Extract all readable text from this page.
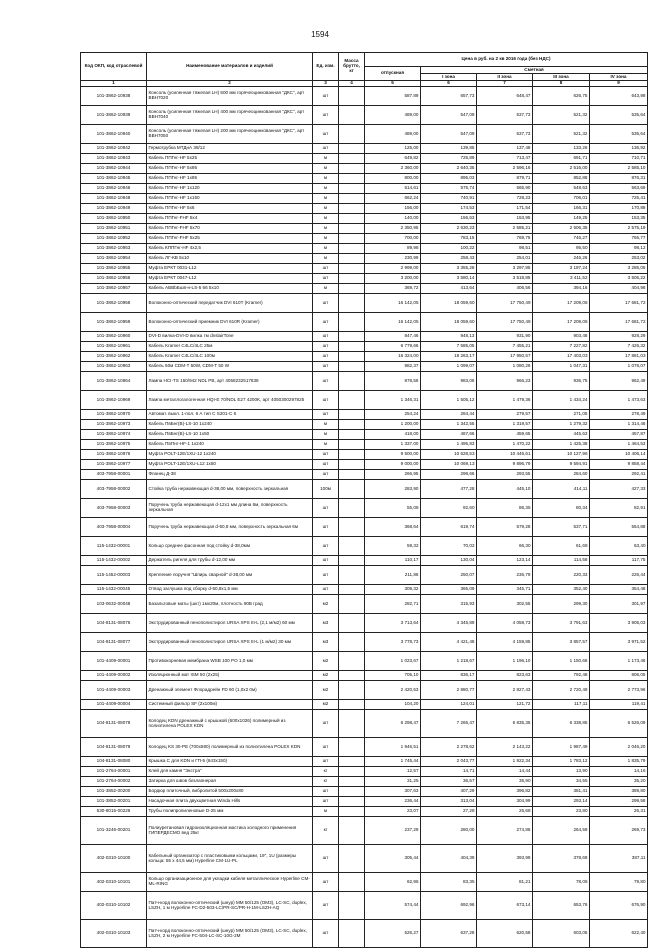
1594
Код ОКП, код отраслевой	Наименование материалов и изделий	Ед. изм.	Масса брутто, кг	Цена в руб. на 2 кв 2016 года (без НДС)				
				отпускная	Сметная			
					I зона	II зона	III зона	IV зона
1	2	3	4	5	6	7	8	9
101-3862-10938	Консоль (усиленная тяжелая LH) 500 мм горячеоцинкованная "ДКС", арт BBH7020	шт		587.89	657,73	648,47	626,75	643,98
101-3862-10939	Консоль (усиленная тяжелая LH) 400 мм горячеоцинкованная "ДКС", арт BBH7040	шт		489,00	547,09	537,73	521,32	535,64
101-3862-10940	Консоль (усиленная тяжелая LH) 200 мм горячеоцинкованная "ДКС", арт BBH7050	шт		489,00	547,09	537,73	521,32	535,64
101-3862-10942	Гермотрубка МТДнА 38/12	шт		125,00	139,85	137,48	133,26	136,92
101-3862-10943	Кабель ППГнг-HF 5х25	м		649,82	725,89	713,47	691,71	710,71
101-3862-10944	Кабель ППГнг-HF 5х95	м		2 360,00	2 640,35	2 596,16	2 516,00	2 585,10
101-3862-10945	Кабель ППГнг-HF 1х95	м		800,00	895,03	879,71	852,88	876,31
101-3862-10946	Кабель ППГнг-HF 1х120	м		514,61	575,74	565,90	548,63	563,69
101-3862-10948	Кабель ППГнг-HF 1х150	м		662,24	740,91	728,23	706,01	725,41
101-3862-10949	Кабель ППГнг-HF 5х6	м		156,00	174,53	171,54	166,31	170,88
101-3862-10950	Кабель ППГнг-FHF 5х4	м		140,00	156,63	153,95	149,25	153,35
101-3862-10951	Кабель ППГнг-FHF 5х70	м		2 350,95	2 630,23	2 585,21	2 506,35	2 575,19
101-3862-10952	Кабель ППГнг-FHF 5х25	м		700,00	783,15	769,75	746,27	766,77
101-3862-10953	Кабель КППГнг-HF 4х2,5	м		89,98	100,22	98,51	95,50	98,12
101-3862-10954	Кабель ЛГ-КВ 5х10	м		230,99	258,43	254,01	246,26	253,02
101-3862-10955	Муфта ЕРКТ 0031-L12	шт		2 999,00	3 355,28	3 297,85	3 197,24	3 285,05
101-3862-10956	Муфта ЕРКТ 0047-L12	шт		3 200,00	3 580,14	3 518,85	3 411,52	3 505,22
101-3862-10957	Кабель ABBbБшв-н-LS-5 66 5х10	м		369,72	413,64	406,56	394,16	404,98
101-3862-10958	Волоконно-оптический передатчик DVI 610T (Kramer)	шт		16 142,05	18 059,60	17 750,49	17 209,06	17 681,72
101-3862-10959	Волоконно-оптический приемник DVI 610R (Kramer)	шт		16 142,05	18 059,60	17 750,49	17 209,06	17 681,72
101-3862-10960	DVI-D вилка-DVI-D вилка тм dnslairTone	шт		847,46	948,13	931,90	903,48	928,29
101-3862-10961	Кабель Kramer C4LC/4LC 25м	шт		6 779,66	7 585,05	7 455,21	7 227,82	7 426,32
101-3862-10962	Кабель Kramer C4LC/4LC 100м	шт		16 324,00	18 263,17	17 950,57	17 403,03	17 881,03
101-3862-10963	Кабель 50м CDM-T 50W, CDM-T 50 W	шт		982,37	1 099,07	1 080,26	1 047,31	1 076,07
101-3862-10964	Лампа HCI-TS 150/942 NDL PB, арт 4058232517838	шт		878,56	983,06	966,23	936,75	962,49
101-3862-10969	Лампа металлогалогенная HQI-E 70/NDL E27 4200K, арт 4050300297825	шт		1 346,31	1 505,12	1 479,36	1 434,24	1 473,63
101-3862-10970	Автомат. выкл. 1-пол. 6 А тип C S201-C 6	шт		254,24	284,44	279,57	271,05	278,49
101-3862-10973	Кабель ПвБнг(В)-LS-10 1х240	м		1 200,00	1 342,55	1 319,57	1 279,32	1 314,46
101-3862-10974	Кабель ПвБнг(В)-LS-10 1х50	м		418,00	467,66	459,65	445,63	457,87
101-3862-10975	Кабель ПвПнг-HF-1 1х240	м		1 337,00	1 495,83	1 470,22	1 425,38	1 464,53
101-3862-10976	Муфта POLT-12E/1XU-12 1х240	шт		9 500,00	10 628,53	10 446,61	10 127,96	10 406,14
101-3862-10977	Муфта POLT-12E/1XU-L12 1х50	шт		9 000,00	10 069,13	9 896,79	9 594,91	9 858,44
403-7958-00001	Фланец Д-38	шт		266,95	298,66	293,55	284,60	292,41
403-7958-00002	Стойка труба нержавеющая d-38,00 мм, поверхность зеркальная	100м		283,90	477,28	445,10	414,11	427,33
403-7958-00003	Поручень труба нержавеющая d-12х1 мм длина 6м, поверхность зеркальная	шт		55,08	92,60	86,35	80,34	82,91
403-7958-00004	Поручень труба нержавеющая d-50,8 мм, поверхность зеркальная 6м	шт		368,64	619,74	579,28	537,71	554,88
115-1432-00001	Кольцо среднее фасонная под стойку d-38,0мм	шт		59,32	70,02	66,30	61,69	63,40
115-1432-00002	Держатель ригеля для трубы d-12,00 мм	шт		110,17	130,04	123,14	114,58	117,75
115-1452-00003	Крепление поручня "Шпирь сварной" d-38,00 мм	шт		211,86	250,07	236,79	220,33	226,44
115-1432-00045	Отвод заглушка под сборку d-50,8x1,5 мм	шт		309,32	365,09	345,71	352,40	354,48
103-0632-00048	Базальтовые маты (шкт) 1мх20м, плотность 90В град	м2		282,71	315,93	302,55	299,30	301,97
104-8131-08076	Экструдированный пенополистирол URSA XPS III-L (2,1 м/м2) 60 мм	м3		3 713,64	4 345,89	4 058,73	3 791,63	3 905,03
104-8131-08077	Экструдированный пенополистирол URSA XPS III-L (1 м/м2) 30 мм	м3		3 778,73	4 421,48	4 159,85	3 857,57	3 971,52
101-4409-00001	Противокорневая мембрана WSB 100 PO 1,0 мм	м2		1 023,67	1 218,67	1 196,10	1 150,66	1 173,46
101-4409-00002	Изоляционный мат ISM 50 (2x25)	м2		705,10	836,17	823,63	792,48	806,05
101-4409-00003	Дренажный элемент Флорадрейн FD 60 (1,0х2 0м)	м2		2 420,53	2 880,77	2 827,43	2 720,49	2 773,96
101-4409-00004	Системный фильтр SF (2х100м)	м2		104,20	124,01	121,72	117,11	119,41
104-8131-08078	Колодец KDN дренажный с крышкой (600х1026) полимерный из полиэтилена POLEX KDN	шт		6 298,47	7 265,47	6 835,35	6 338,85	6 526,09
104-8131-08079	Колодец KS 30-РЕ (700х580) полимерный из полиэтилена POLEX KDN	шт		1 946,51	2 278,62	2 143,22	1 987,49	2 046,20
104-8131-08080	Крышка С для KDN и ГП-5 (643х150)	шт		1 745,44	2 043,77	1 922,34	1 783,12	1 835,79
101-2764-00001	Клей для камня "Экстра"	кг		12,57	14,71	14,44	13,90	14,16
101-2764-00002	Затирка для швов безлапнерая	кг		31,25	36,57	35,90	34,55	35,20
101-3852-00200	Бордюр плиточный, вибролитой 500х200х80	шт		307,63	407,29	396,82	381,41	389,80
101-3852-00201	Насадочная плита двухцветная Winda Hills	шт		236,44	313,04	304,99	293,14	299,58
530-8015-00226	Трубы полипропиленовые D-25 мм	м		23,07	27,28	25,68	23,80	26,31
101-3246-00201	Полиуретановая гидроизоляционная мастика холодного применения ГИПЕРДЕСМО вед 25кг	кг		237,29	280,00	274,86	264,59	269,73
402-0310-10100	Кабельный организатор с пластиковыми кольцами, 19", 1U (размеры кольца: 55 х 44,5 мм) Hyperline CM-1U-PL	шт		305,44	404,39	393,99	378,69	387,11
402-0310-10101	Кольцо организационное для укладки кабеля металлическое Hyperline CM-ML-RING	шт		62,96	83,35	81,21	78,06	79,80
402-0310-10102	Патч-корд волоконно-оптический (шнур) MM 50/125 (OM3), LC-SC, duplex, LSZH, 1 м Hyperline FC-D2-503-LC/PR-SC/PR-H-1M-LSZH-AQ	шт		574,44	692,96	673,14	653,76	676,90
402-0310-10103	Патч-корд волоконно-оптический (шнур) MM 50/125 (OM3), LC-SC, duplex, LSZH, 2 м Hyperline FC-504-LC-SC-10G-2M	шт		526,27	637,28	620,58	603,05	622,40
